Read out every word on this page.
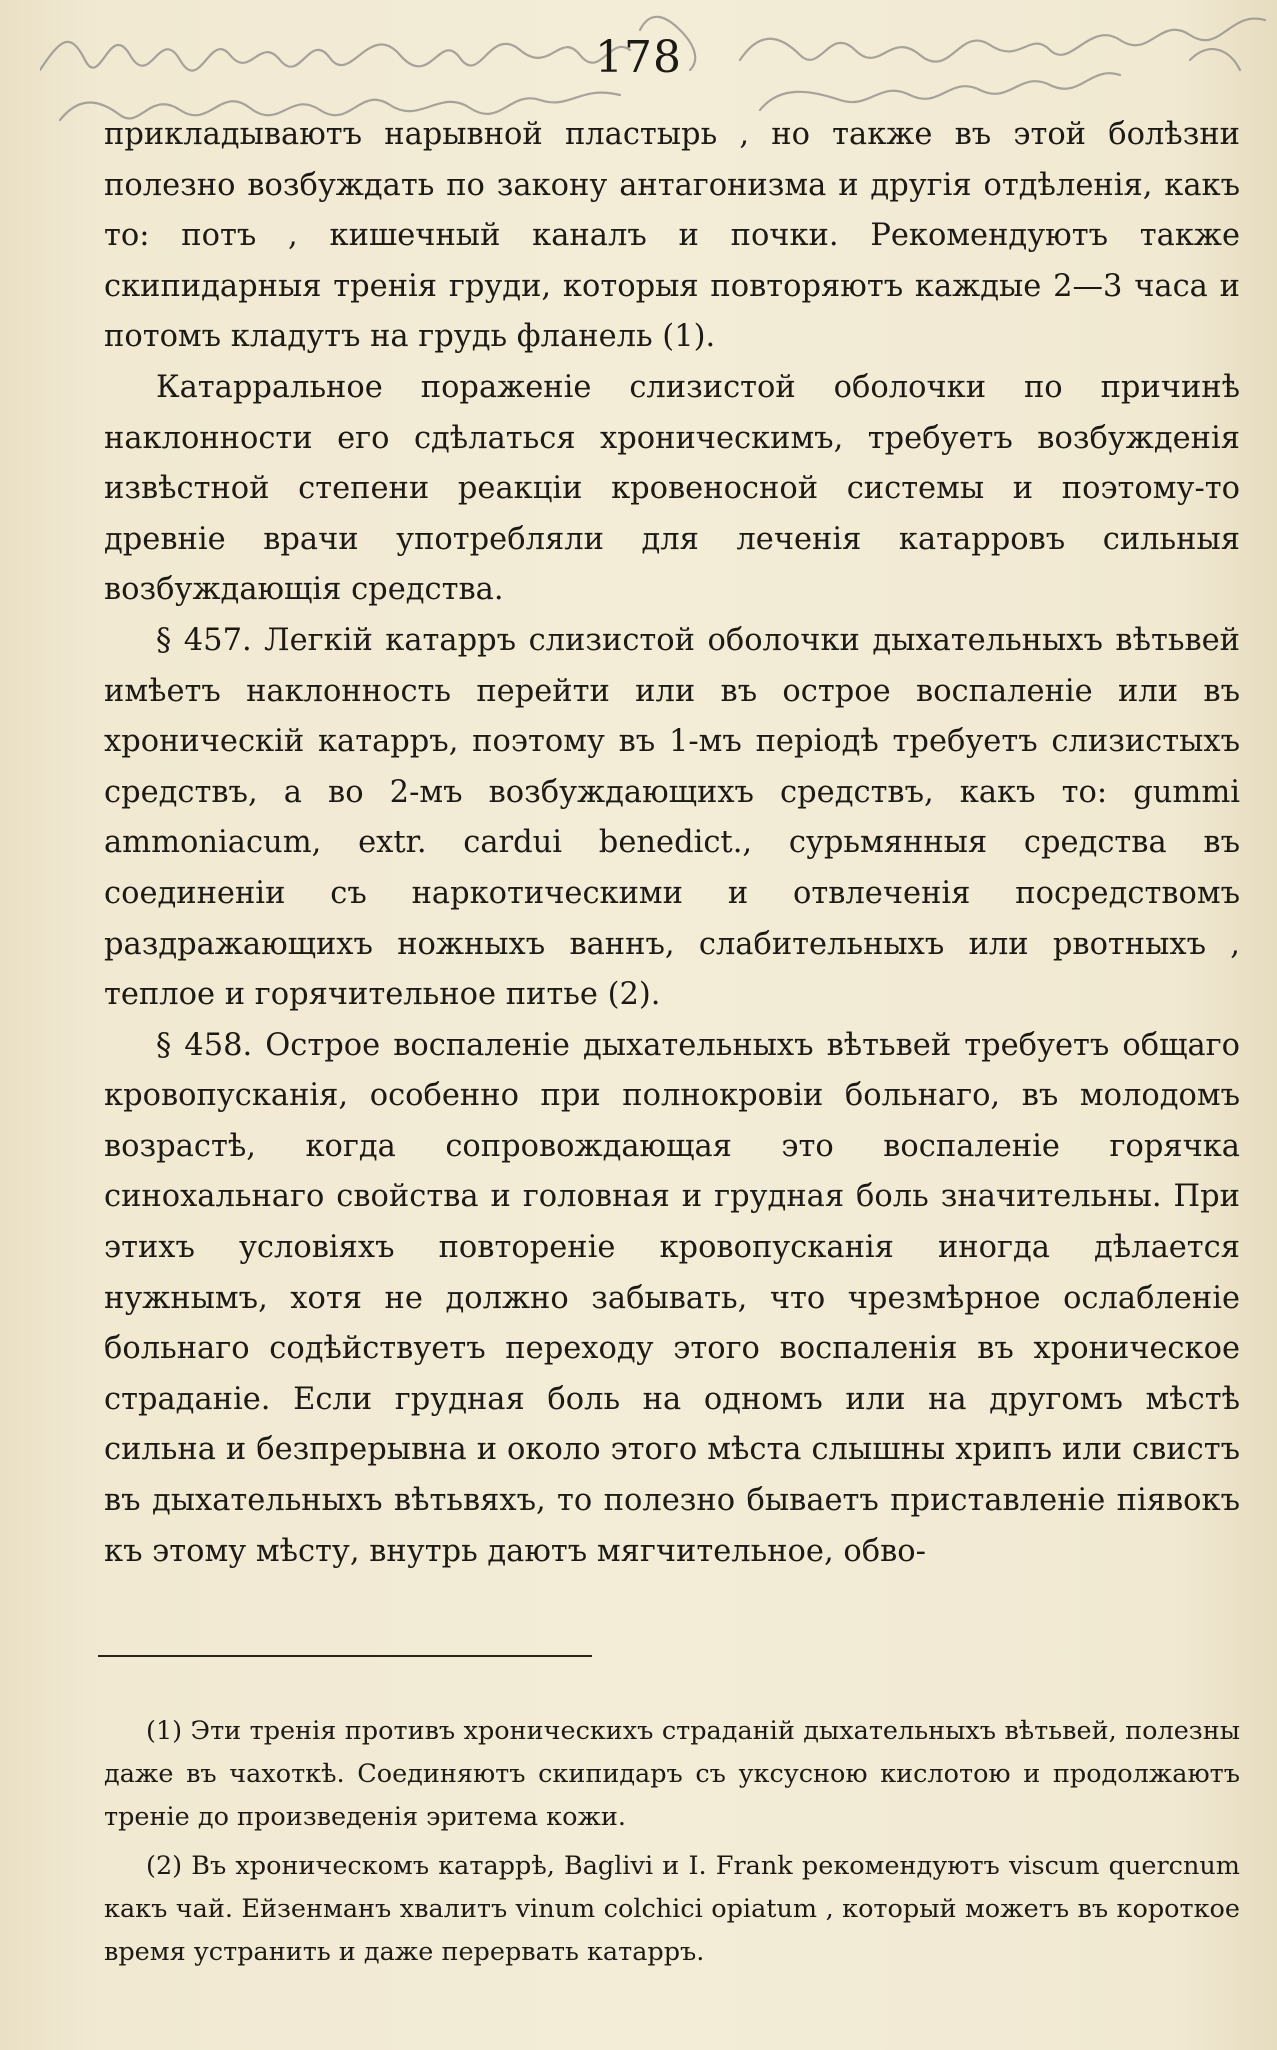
178

прикладываютъ нарывной пластырь , но также въ этой болѣзни полезно возбуждать по закону антагонизма и другія отдѣленія, какъ то: потъ , кишечный каналъ и почки. Рекомендуютъ также скипидарныя тренія груди, которыя повторяютъ каждые 2—3 часа и потомъ кладутъ на грудь фланель (1).

Катарральное пораженіе слизистой оболочки по причинѣ наклонности его сдѣлаться хроническимъ, требуетъ возбужденія извѣстной степени реакціи кровеносной системы и поэтому-то древніе врачи употребляли для леченія катарровъ сильныя возбуждающія средства.

§ 457. Легкій катарръ слизистой оболочки дыхательныхъ вѣтьвей имѣетъ наклонность перейти или въ острое воспаленіе или въ хроническій катарръ, поэтому въ 1-мъ періодѣ требуетъ слизистыхъ средствъ, а во 2-мъ возбуждающихъ средствъ, какъ то: gummi ammoniacum, extr. cardui benedict., сурьмянныя средства въ соединеніи съ наркотическими и отвлеченія посредствомъ раздражающихъ ножныхъ ваннъ, слабительныхъ или рвотныхъ , теплое и горячительное питье (2).

§ 458. Острое воспаленіе дыхательныхъ вѣтьвей требуетъ общаго кровопусканія, особенно при полнокровіи больнаго, въ молодомъ возрастѣ, когда сопровождающая это воспаленіе горячка синохальнаго свойства и головная и грудная боль значительны. При этихъ условіяхъ повтореніе кровопусканія иногда дѣлается нужнымъ, хотя не должно забывать, что чрезмѣрное ослабленіе больнаго содѣйствуетъ переходу этого воспаленія въ хроническое страданіе. Если грудная боль на одномъ или на другомъ мѣстѣ сильна и безпрерывна и около этого мѣста слышны хрипъ или свистъ въ дыхательныхъ вѣтьвяхъ, то полезно бываетъ приставленіе піявокъ къ этому мѣсту, внутрь даютъ мягчительное, обво-

(1) Эти тренія противъ хроническихъ страданій дыхательныхъ вѣтьвей, полезны даже въ чахоткѣ. Соединяютъ скипидаръ съ уксусною кислотою и продолжаютъ треніе до произведенія эритема кожи.

(2) Въ хроническомъ катаррѣ, Baglivi и I. Frank рекомендуютъ viscum quercnum какъ чай. Ейзенманъ хвалитъ vinum colchici opiatum , который можетъ въ короткое время устранить и даже перервать катарръ.
